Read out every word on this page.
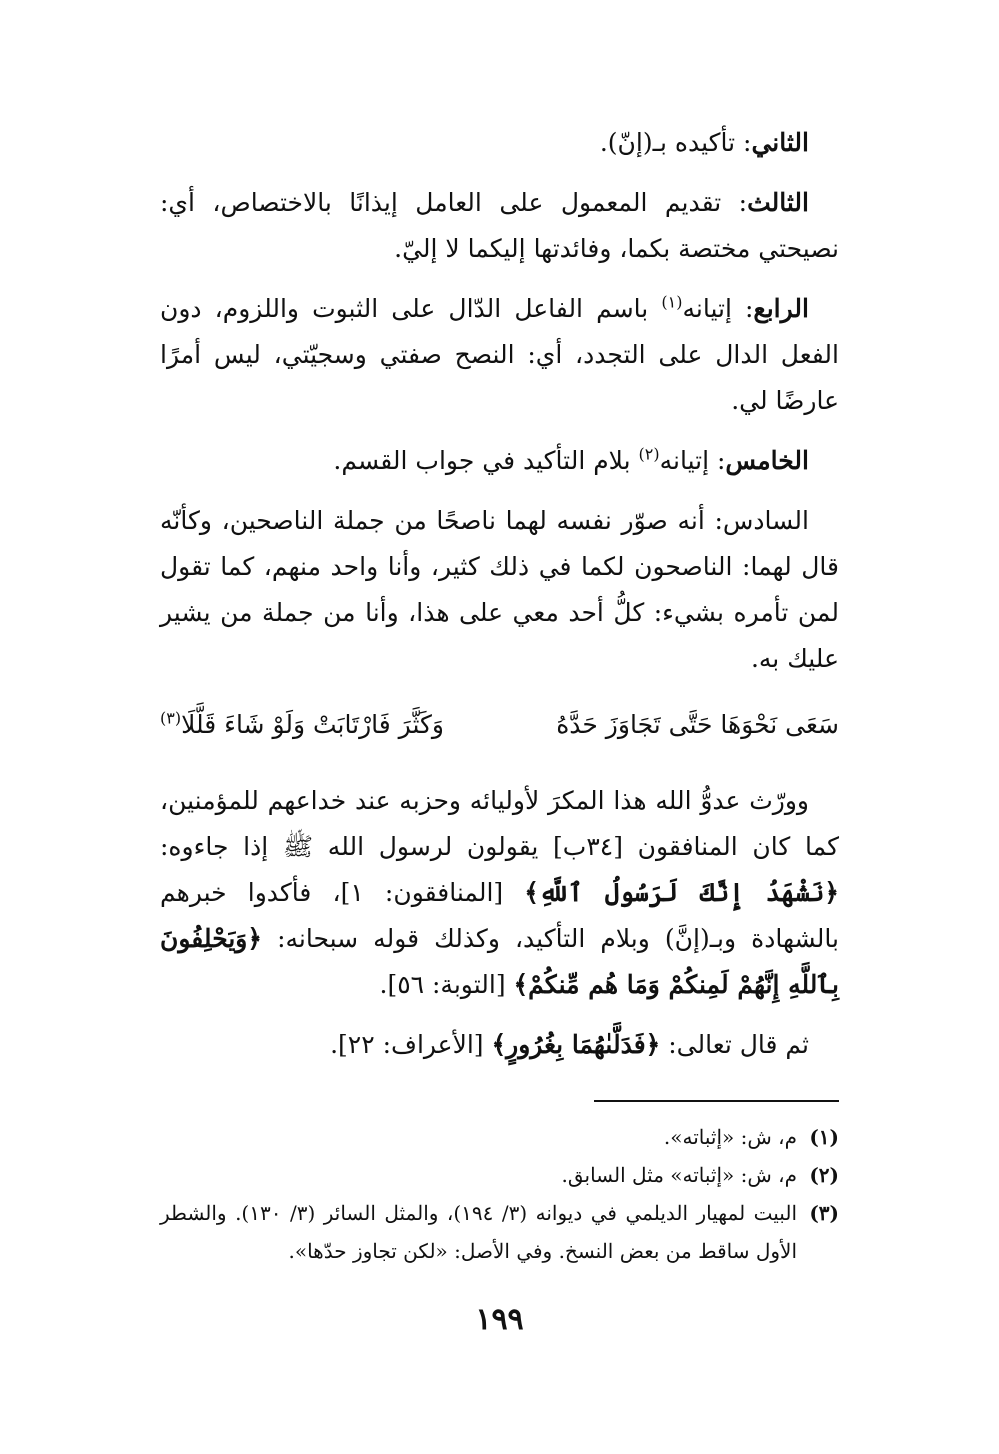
الثاني: تأكيده بـ(إنّ).

الثالث: تقديم المعمول على العامل إيذانًا بالاختصاص، أي: نصيحتي مختصة بكما، وفائدتها إليكما لا إليّ.

الرابع: إتيانه$^{(١)}$ باسم الفاعل الدّال على الثبوت واللزوم، دون الفعل الدال على التجدد، أي: النصح صفتي وسجيّتي، ليس أمرًا عارضًا لي.

الخامس: إتيانه$^{(٢)}$ بلام التأكيد في جواب القسم.

السادس: أنه صوّر نفسه لهما ناصحًا من جملة الناصحين، وكأنّه قال لهما: الناصحون لكما في ذلك كثير، وأنا واحد منهم، كما تقول لمن تأمره بشيء: كلُّ أحد معي على هذا، وأنا من جملة من يشير عليك به.

سَعَى نَحْوَهَا حَتَّى تَجَاوَزَ حَدَّهُ
وَكَثَّرَ فَارْتَابَتْ وَلَوْ شَاءَ قَلَّلَا$^{(٣)}$

وورّث عدوُّ الله هذا المكرَ لأوليائه وحزبه عند خداعهم للمؤمنين، كما كان المنافقون [٣٤ب] يقولون لرسول الله ﷺ إذا جاءوه: ﴿نَشْهَدُ إِنَّكَ لَرَسُولُ ٱللَّهِ﴾ [المنافقون: ١]، فأكدوا خبرهم بالشهادة وبـ(إنَّ) وبلام التأكيد، وكذلك قوله سبحانه: ﴿وَيَحْلِفُونَ بِٱللَّهِ إِنَّهُمْ لَمِنكُمْ وَمَا هُم مِّنكُمْ﴾ [التوبة: ٥٦].

ثم قال تعالى: ﴿فَدَلَّىٰهُمَا بِغُرُورٍ﴾ [الأعراف: ٢٢].

(١)
م، ش: «إثباته».

(٢)
م، ش: «إثباته» مثل السابق.

(٣)
البيت لمهيار الديلمي في ديوانه (٣/ ١٩٤)، والمثل السائر (٣/ ١٣٠). والشطر الأول ساقط من بعض النسخ. وفي الأصل: «لكن تجاوز حدّها».

١٩٩
